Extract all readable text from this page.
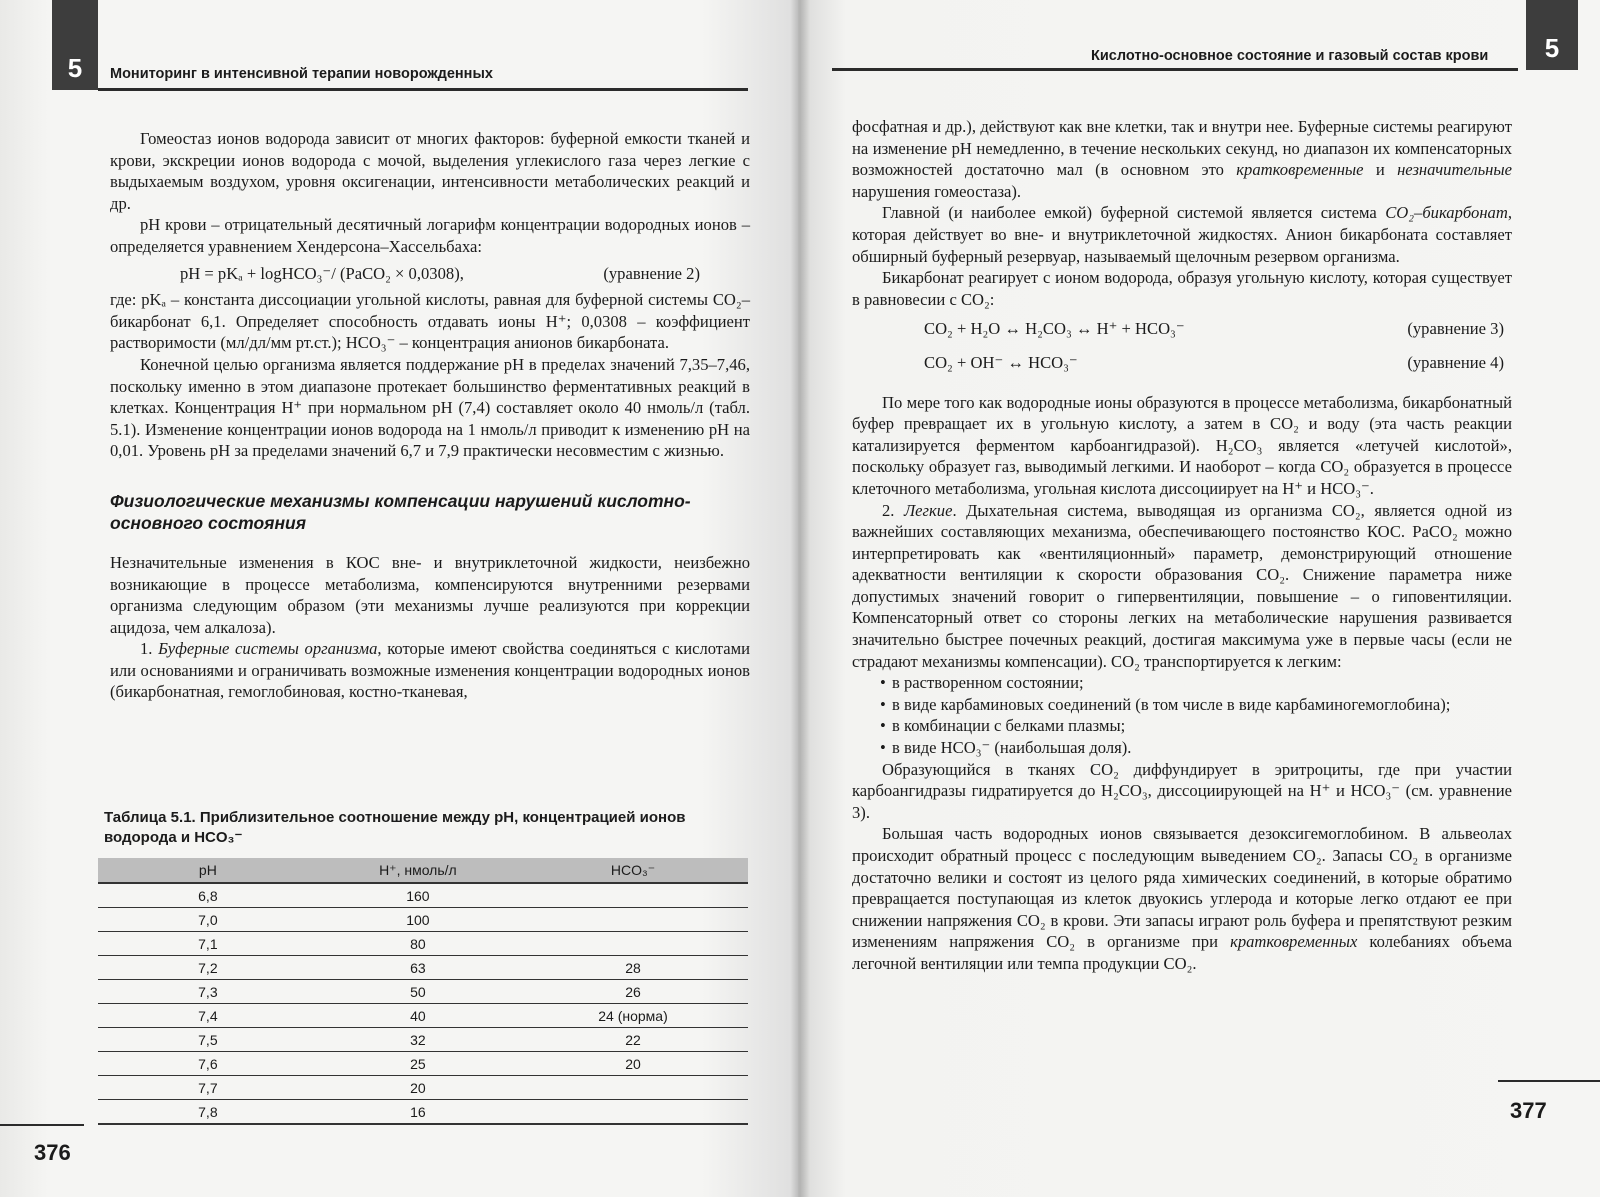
5	Мониторинг в интенсивной терапии новорожденных

Гомеостаз ионов водорода зависит от многих факторов: буферной емкости тканей и крови, экскреции ионов водорода с мочой, выделения углекислого газа через легкие с выдыхаемым воздухом, уровня оксигенации, интенсивности метаболических реакций и др.

pH крови – отрицательный десятичный логарифм концентрации водородных ионов – определяется уравнением Хендерсона–Хассельбаха:

pH = pKₐ + logHCO₃⁻/ (PaCO₂ × 0,0308),	(уравнение 2)

где: pKₐ – константа диссоциации угольной кислоты, равная для буферной системы CO₂–бикарбонат 6,1. Определяет способность отдавать ионы H⁺; 0,0308 – коэффициент растворимости (мл/дл/мм рт.ст.); HCO₃⁻ – концентрация анионов бикарбоната.

Конечной целью организма является поддержание pH в пределах значений 7,35–7,46, поскольку именно в этом диапазоне протекает большинство ферментативных реакций в клетках. Концентрация H⁺ при нормальном pH (7,4) составляет около 40 нмоль/л (табл. 5.1). Изменение концентрации ионов водорода на 1 нмоль/л приводит к изменению pH на 0,01. Уровень pH за пределами значений 6,7 и 7,9 практически несовместим с жизнью.

Физиологические механизмы компенсации нарушений кислотно-основного состояния

Незначительные изменения в КОС вне- и внутриклеточной жидкости, неизбежно возникающие в процессе метаболизма, компенсируются внутренними резервами организма следующим образом (эти механизмы лучше реализуются при коррекции ацидоза, чем алкалоза).

1. Буферные системы организма, которые имеют свойства соединяться с кислотами или основаниями и ограничивать возможные изменения концентрации водородных ионов (бикарбонатная, гемоглобиновая, костно-тканевая,

Таблица 5.1. Приблизительное соотношение между pH, концентрацией ионов водорода и HCO₃⁻
pH	H⁺, нмоль/л	HCO₃⁻
6,8	160	
7,0	100	
7,1	80	
7,2	63	28
7,3	50	26
7,4	40	24 (норма)
7,5	32	22
7,6	25	20
7,7	20	
7,8	16	
376
5
Кислотно-основное состояние и газовый состав крови

фосфатная и др.), действуют как вне клетки, так и внутри нее. Буферные системы реагируют на изменение pH немедленно, в течение нескольких секунд, но диапазон их компенсаторных возможностей достаточно мал (в основном это кратковременные и незначительные нарушения гомеостаза).

Главной (и наиболее емкой) буферной системой является система CO₂–бикарбонат, которая действует во вне- и внутриклеточной жидкостях. Анион бикарбоната составляет обширный буферный резервуар, называемый щелочным резервом организма.

Бикарбонат реагирует с ионом водорода, образуя угольную кислоту, которая существует в равновесии с CO₂:

CO₂ + H₂O ↔ H₂CO₃ ↔ H⁺ + HCO₃⁻	(уравнение 3)
CO₂ + OH⁻ ↔ HCO₃⁻	(уравнение 4)

По мере того как водородные ионы образуются в процессе метаболизма, бикарбонатный буфер превращает их в угольную кислоту, а затем в CO₂ и воду (эта часть реакции катализируется ферментом карбоангидразой). H₂CO₃ является «летучей кислотой», поскольку образует газ, выводимый легкими. И наоборот – когда CO₂ образуется в процессе клеточного метаболизма, угольная кислота диссоциирует на H⁺ и HCO₃⁻.

2. Легкие. Дыхательная система, выводящая из организма CO₂, является одной из важнейших составляющих механизма, обеспечивающего постоянство КОС. PaCO₂ можно интерпретировать как «вентиляционный» параметр, демонстрирующий отношение адекватности вентиляции к скорости образования CO₂. Снижение параметра ниже допустимых значений говорит о гипервентиляции, повышение – о гиповентиляции. Компенсаторный ответ со стороны легких на метаболические нарушения развивается значительно быстрее почечных реакций, достигая максимума уже в первые часы (если не страдают механизмы компенсации). CO₂ транспортируется к легким:

• в растворенном состоянии;
• в виде карбаминовых соединений (в том числе в виде карбаминогемоглобина);
• в комбинации с белками плазмы;
• в виде HCO₃⁻ (наибольшая доля).

Образующийся в тканях CO₂ диффундирует в эритроциты, где при участии карбоангидразы гидратируется до H₂CO₃, диссоциирующей на H⁺ и HCO₃⁻ (см. уравнение 3).

Большая часть водородных ионов связывается дезоксигемоглобином. В альвеолах происходит обратный процесс с последующим выведением CO₂. Запасы CO₂ в организме достаточно велики и состоят из целого ряда химических соединений, в которые обратимо превращается поступающая из клеток двуокись углерода и которые легко отдают ее при снижении напряжения CO₂ в крови. Эти запасы играют роль буфера и препятствуют резким изменениям напряжения CO₂ в организме при кратковременных колебаниях объема легочной вентиляции или темпа продукции CO₂.

377
